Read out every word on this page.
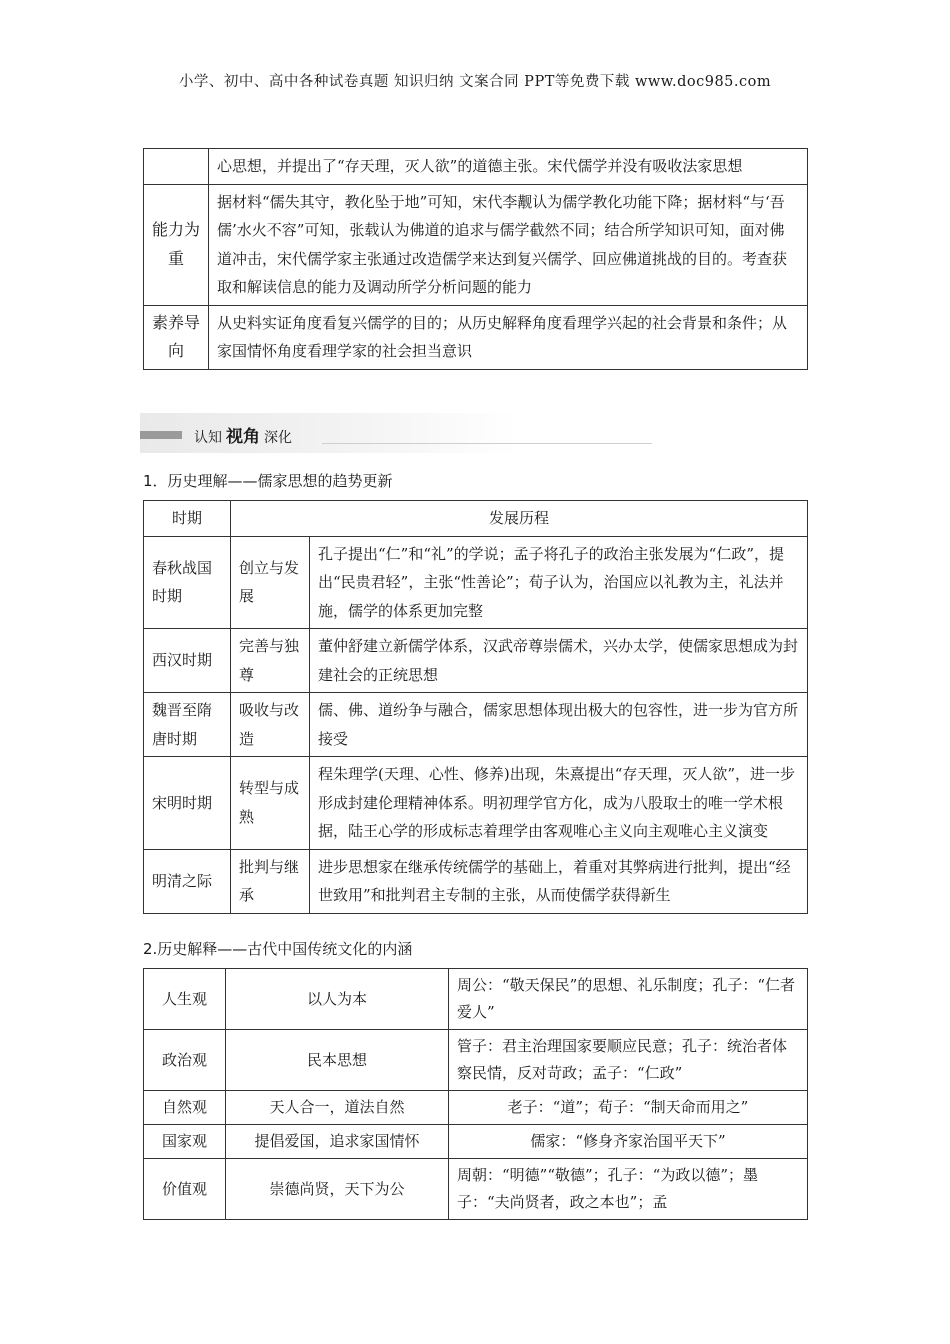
小学、初中、高中各种试卷真题 知识归纳 文案合同 PPT等免费下载 www.doc985.com
	心思想，并提出了“存天理，灭人欲”的道德主张。宋代儒学并没有吸收法家思想
能力为重	据材料“儒失其守，教化坠于地”可知，宋代李觏认为儒学教化功能下降；据材料“与‘吾儒’水火不容”可知，张载认为佛道的追求与儒学截然不同；结合所学知识可知，面对佛道冲击，宋代儒学家主张通过改造儒学来达到复兴儒学、回应佛道挑战的目的。考查获取和解读信息的能力及调动所学分析问题的能力
素养导向	从史料实证角度看复兴儒学的目的；从历史解释角度看理学兴起的社会背景和条件；从家国情怀角度看理学家的社会担当意识
认知 视角 深化
1．历史理解——儒家思想的趋势更新
时期	发展历程	
春秋战国时期	创立与发展	孔子提出“仁”和“礼”的学说；孟子将孔子的政治主张发展为“仁政”，提出“民贵君轻”，主张“性善论”；荀子认为，治国应以礼教为主，礼法并施，儒学的体系更加完整
西汉时期	完善与独尊	董仲舒建立新儒学体系，汉武帝尊崇儒术，兴办太学，使儒家思想成为封建社会的正统思想
魏晋至隋唐时期	吸收与改造	儒、佛、道纷争与融合，儒家思想体现出极大的包容性，进一步为官方所接受
宋明时期	转型与成熟	程朱理学(天理、心性、修养)出现，朱熹提出“存天理，灭人欲”，进一步形成封建伦理精神体系。明初理学官方化，成为八股取士的唯一学术根据，陆王心学的形成标志着理学由客观唯心主义向主观唯心主义演变
明清之际	批判与继承	进步思想家在继承传统儒学的基础上，着重对其弊病进行批判，提出“经世致用”和批判君主专制的主张，从而使儒学获得新生
2.历史解释——古代中国传统文化的内涵
人生观	以人为本	周公：“敬天保民”的思想、礼乐制度；孔子：“仁者爱人”
政治观	民本思想	管子：君主治理国家要顺应民意；孔子：统治者体察民情，反对苛政；孟子：“仁政”
自然观	天人合一，道法自然	老子：“道”；荀子：“制天命而用之”
国家观	提倡爱国，追求家国情怀	儒家：“修身齐家治国平天下”
价值观	崇德尚贤，天下为公	周朝：“明德”“敬德”；孔子：“为政以德”；墨子：“夫尚贤者，政之本也”；孟
